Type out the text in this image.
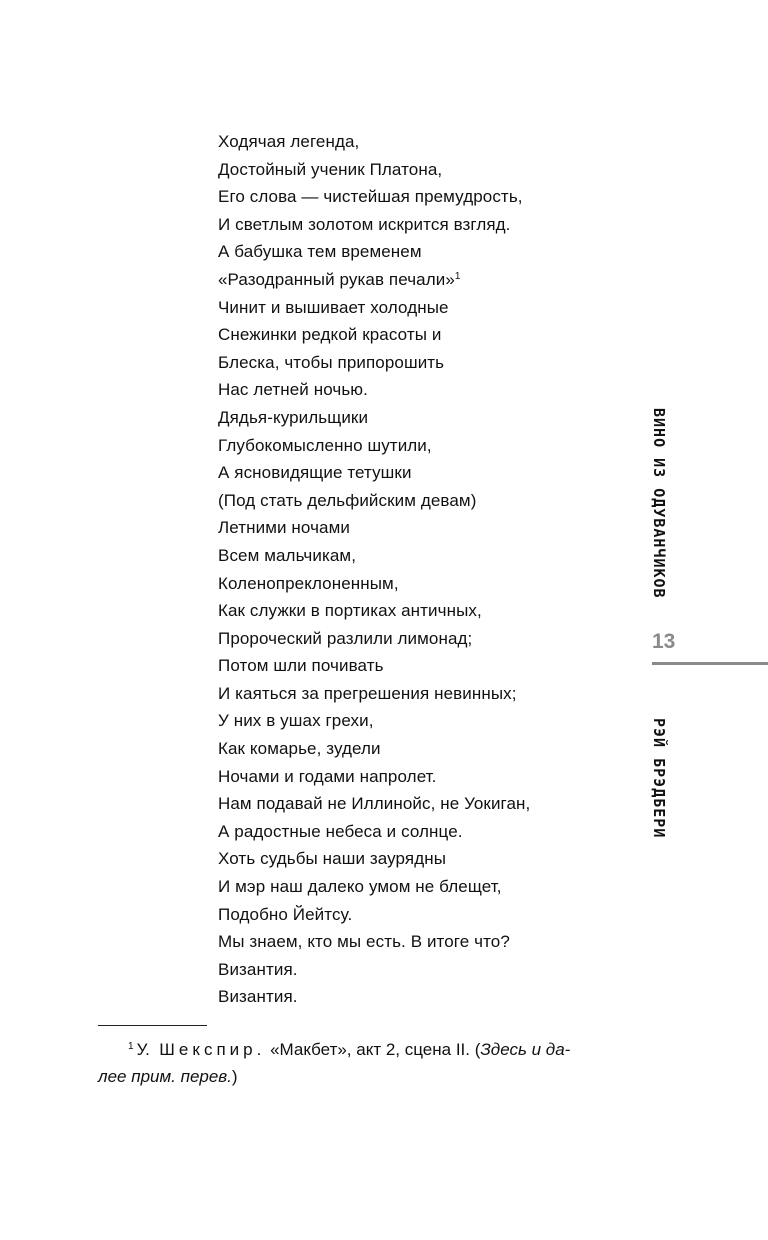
Ходячая легенда,
Достойный ученик Платона,
Его слова — чистейшая премудрость,
И светлым золотом искрится взгляд.
А бабушка тем временем
«Разодранный рукав печали»$^1$
Чинит и вышивает холодные
Снежинки редкой красоты и
Блеска, чтобы припорошить
Нас летней ночью.
Дядья-курильщики
Глубокомысленно шутили,
А ясновидящие тетушки
(Под стать дельфийским девам)
Летними ночами
Всем мальчикам,
Коленопреклоненным,
Как служки в портиках античных,
Пророческий разлили лимонад;
Потом шли почивать
И каяться за прегрешения невинных;
У них в ушах грехи,
Как комарье, зудели
Ночами и годами напролет.
Нам подавай не Иллинойс, не Уокиган,
А радостные небеса и солнце.
Хоть судьбы наши заурядны
И мэр наш далеко умом не блещет,
Подобно Йейтсу.
Мы знаем, кто мы есть. В итоге что?
Византия.
Византия.
$^1$ У. Шекспир. «Макбет», акт 2, сцена II. (Здесь и да-
лее прим. перев.)
ВИНО ИЗ ОДУВАНЧИКОВ
13
РЭЙ БРЭДБЕРИ
